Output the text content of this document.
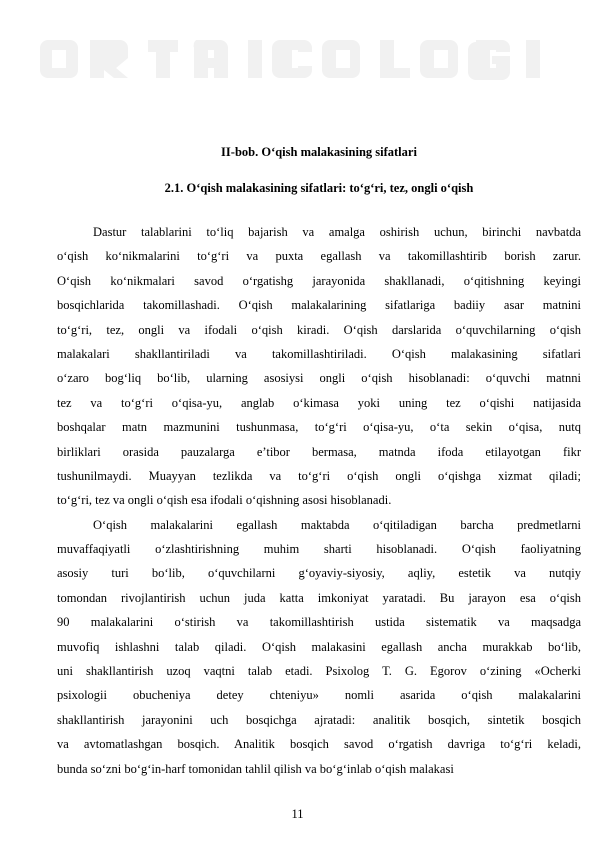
II-bob. O‘qish malakasining sifatlari
2.1. O‘qish malakasining sifatlari: to‘g‘ri, tez, ongli o‘qish
Dastur talablarini to‘liq bajarish va amalga oshirish uchun, birinchi navbatda
o‘qish ko‘nikmalarini to‘g‘ri va puxta egallash va takomillashtirib borish zarur.
O‘qish ko‘nikmalari savod o‘rgatishg jarayonida shakllanadi, o‘qitishning keyingi
bosqichlarida takomillashadi. O‘qish malakalarining sifatlariga badiiy asar matnini
to‘g‘ri, tez, ongli va ifodali o‘qish kiradi. O‘qish darslarida o‘quvchilarning o‘qish
malakalari shakllantiriladi va takomillashtiriladi. O‘qish malakasining sifatlari
o‘zaro bog‘liq bo‘lib, ularning asosiysi ongli o‘qish hisoblanadi: o‘quvchi matnni
tez va to‘g‘ri o‘qisa-yu, anglab o‘kimasa yoki uning tez o‘qishi natijasida
boshqalar matn mazmunini tushunmasa, to‘g‘ri o‘qisa-yu, o‘ta sekin o‘qisa, nutq
birliklari orasida pauzalarga e’tibor bermasa, matnda ifoda etilayotgan fikr
tushunilmaydi. Muayyan tezlikda va to‘g‘ri o‘qish ongli o‘qishga xizmat qiladi;
to‘g‘ri, tez va ongli o‘qish esa ifodali o‘qishning asosi hisoblanadi.
O‘qish malakalarini egallash maktabda o‘qitiladigan barcha predmetlarni
muvaffaqiyatli o‘zlashtirishning muhim sharti hisoblanadi. O‘qish faoliyatning
asosiy turi bo‘lib, o‘quvchilarni g‘oyaviy-siyosiy, aqliy, estetik va nutqiy
tomondan rivojlantirish uchun juda katta imkoniyat yaratadi. Bu jarayon esa o‘qish
90 malakalarini o‘stirish va takomillashtirish ustida sistematik va maqsadga
muvofiq ishlashni talab qiladi. O‘qish malakasini egallash ancha murakkab bo‘lib,
uni shakllantirish uzoq vaqtni talab etadi. Psixolog T. G. Egorov o‘zining «Ocherki
psixologii obucheniya detey chteniyu» nomli asarida o‘qish malakalarini
shakllantirish jarayonini uch bosqichga ajratadi: analitik bosqich, sintetik bosqich
va avtomatlashgan bosqich. Analitik bosqich savod o‘rgatish davriga to‘g‘ri keladi,
bunda so‘zni bo‘g‘in-harf tomonidan tahlil qilish va bo‘g‘inlab o‘qish malakasi
11
